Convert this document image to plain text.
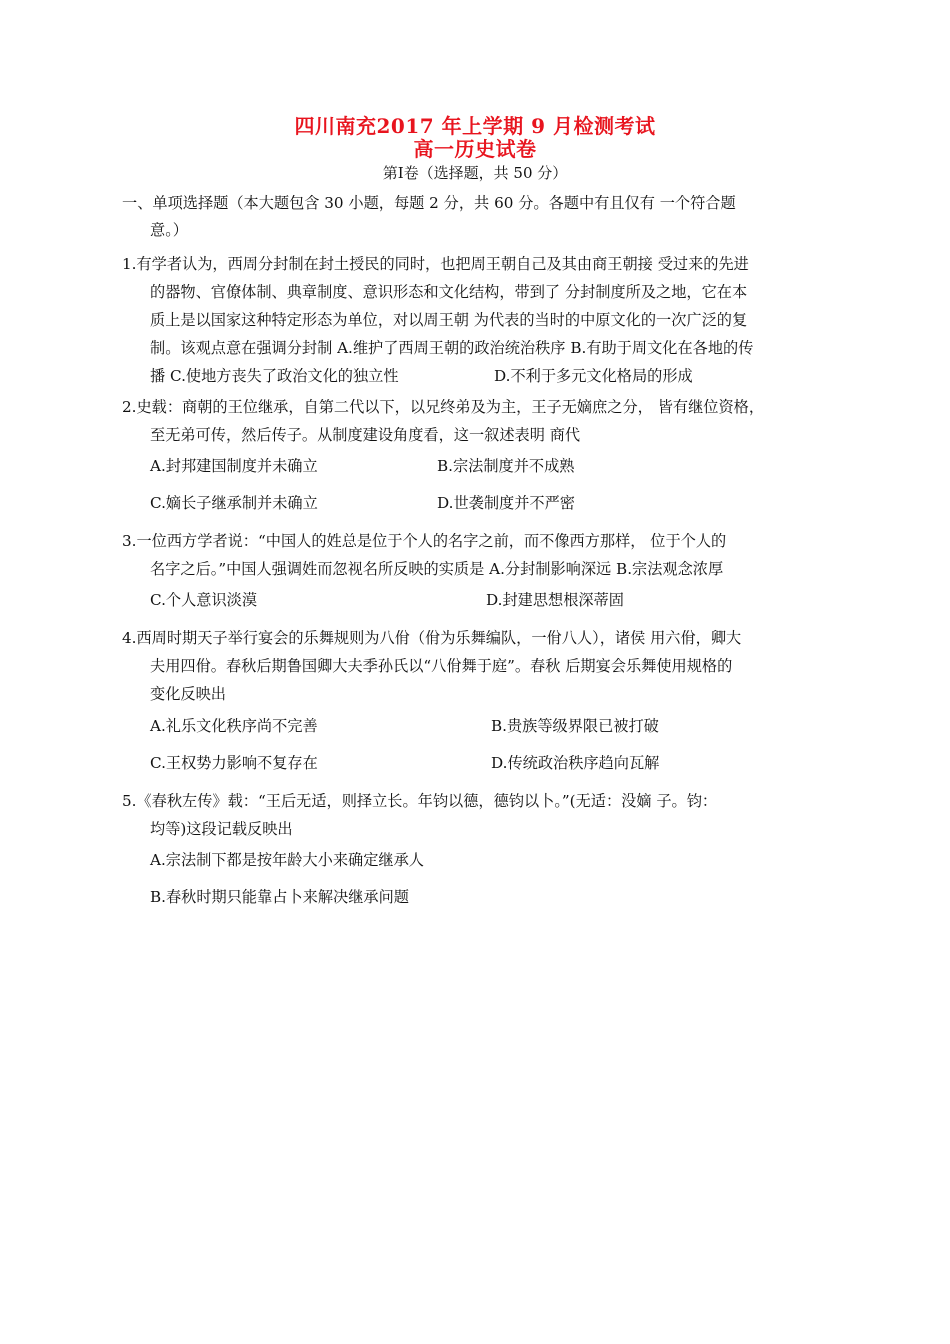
四川南充2017 年上学期 9 月检测考试
高一历史试卷
第Ⅰ卷（选择题，共 50 分）
一、单项选择题（本大题包含 30 小题，每题 2 分，共 60 分。各题中有且仅有 一个符合题
意。）
1.有学者认为，西周分封制在封土授民的同时，也把周王朝自己及其由商王朝接 受过来的先进
的器物、官僚体制、典章制度、意识形态和文化结构，带到了 分封制度所及之地，它在本
质上是以国家这种特定形态为单位，对以周王朝 为代表的当时的中原文化的一次广泛的复
制。该观点意在强调分封制 A.维护了西周王朝的政治统治秩序 B.有助于周文化在各地的传
播 C.使地方丧失了政治文化的独立性	D.不利于多元文化格局的形成
2.史载：商朝的王位继承，自第二代以下，以兄终弟及为主，王子无嫡庶之分， 皆有继位资格，
至无弟可传，然后传子。从制度建设角度看，这一叙述表明 商代
A.封邦建国制度并未确立	B.宗法制度并不成熟
C.嫡长子继承制并未确立	D.世袭制度并不严密
3.一位西方学者说：“中国人的姓总是位于个人的名字之前，而不像西方那样， 位于个人的
名字之后。”中国人强调姓而忽视名所反映的实质是 A.分封制影响深远 B.宗法观念浓厚
C.个人意识淡漠	D.封建思想根深蒂固
4.西周时期天子举行宴会的乐舞规则为八佾（佾为乐舞编队，一佾八人），诸侯 用六佾，卿大
夫用四佾。春秋后期鲁国卿大夫季孙氏以“八佾舞于庭”。春秋 后期宴会乐舞使用规格的
变化反映出
A.礼乐文化秩序尚不完善	B.贵族等级界限已被打破
C.王权势力影响不复存在	D.传统政治秩序趋向瓦解
5.《春秋左传》载：“王后无适，则择立长。年钧以德，德钧以卜。”(无适：没嫡 子。钧：
均等)这段记载反映出
A.宗法制下都是按年龄大小来确定继承人
B.春秋时期只能靠占卜来解决继承问题
